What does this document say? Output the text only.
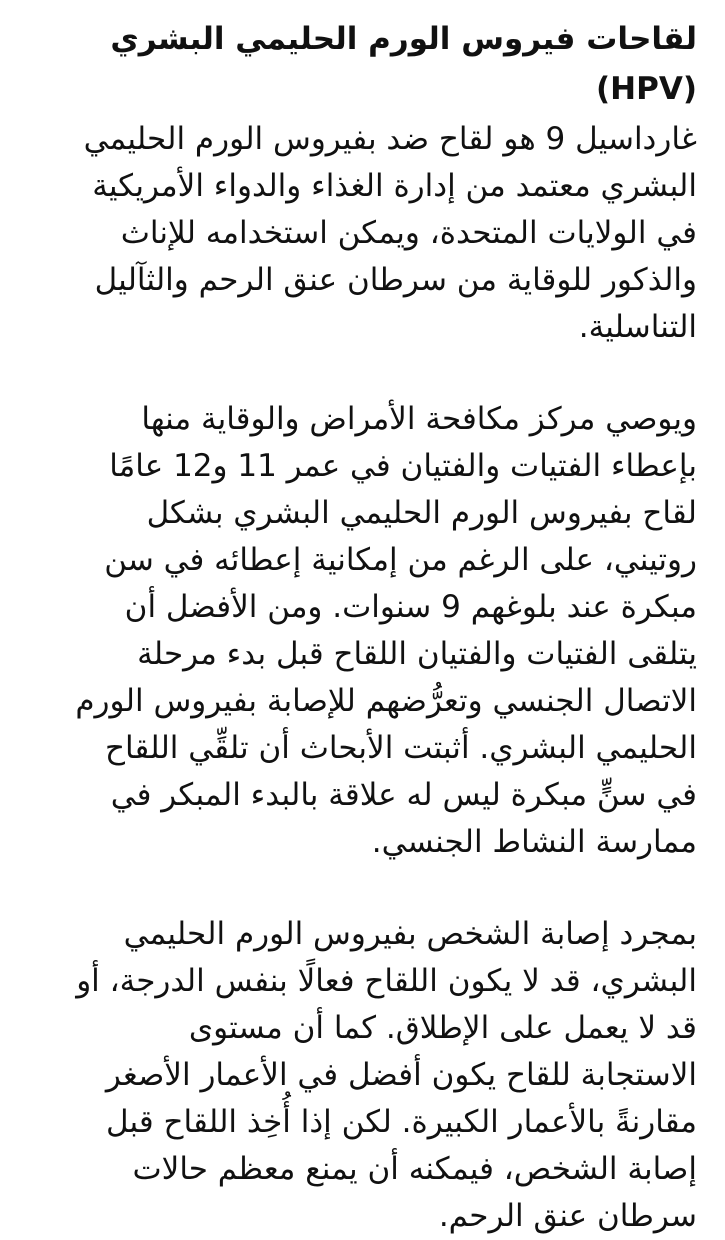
لقاحات فيروس الورم الحليمي البشري (HPV)

غارداسيل 9 هو لقاح ضد بفيروس الورم الحليمي
البشري معتمد من إدارة الغذاء والدواء الأمريكية
في الولايات المتحدة، ويمكن استخدامه للإناث
والذكور للوقاية من سرطان عنق الرحم والثآليل
التناسلية.

ويوصي مركز مكافحة الأمراض والوقاية منها
بإعطاء الفتيات والفتيان في عمر 11 و12 عامًا
لقاح بفيروس الورم الحليمي البشري بشكل
روتيني، على الرغم من إمكانية إعطائه في سن
مبكرة عند بلوغهم 9 سنوات. ومن الأفضل أن
يتلقى الفتيات والفتيان اللقاح قبل بدء مرحلة
الاتصال الجنسي وتعرُّضهم للإصابة بفيروس الورم
الحليمي البشري. أثبتت الأبحاث أن تلقِّي اللقاح
في سنٍّ مبكرة ليس له علاقة بالبدء المبكر في
ممارسة النشاط الجنسي.

بمجرد إصابة الشخص بفيروس الورم الحليمي
البشري، قد لا يكون اللقاح فعالًا بنفس الدرجة، أو
قد لا يعمل على الإطلاق. كما أن مستوى
الاستجابة للقاح يكون أفضل في الأعمار الأصغر
مقارنةً بالأعمار الكبيرة. لكن إذا أُخِذ اللقاح قبل
إصابة الشخص، فيمكنه أن يمنع معظم حالات
سرطان عنق الرحم.
